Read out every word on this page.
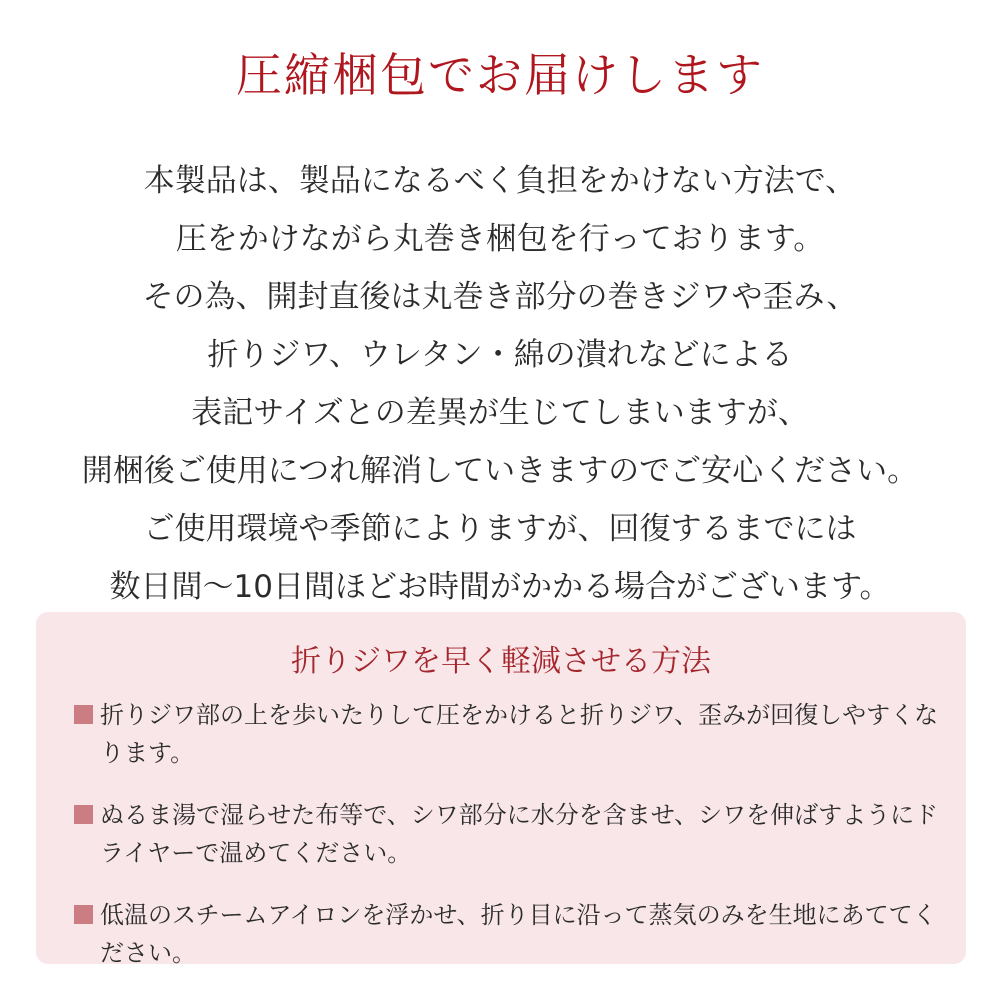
圧縮梱包でお届けします
本製品は、製品になるべく負担をかけない方法で、
圧をかけながら丸巻き梱包を行っております。
その為、開封直後は丸巻き部分の巻きジワや歪み、
折りジワ、ウレタン・綿の潰れなどによる
表記サイズとの差異が生じてしまいますが、
開梱後ご使用につれ解消していきますのでご安心ください。
ご使用環境や季節によりますが、回復するまでには
数日間〜10日間ほどお時間がかかる場合がございます。
折りジワを早く軽減させる方法
折りジワ部の上を歩いたりして圧をかけると折りジワ、歪みが回復しやすくなります。
ぬるま湯で湿らせた布等で、シワ部分に水分を含ませ、シワを伸ばすようにドライヤーで温めてください。
低温のスチームアイロンを浮かせ、折り目に沿って蒸気のみを生地にあててください。
